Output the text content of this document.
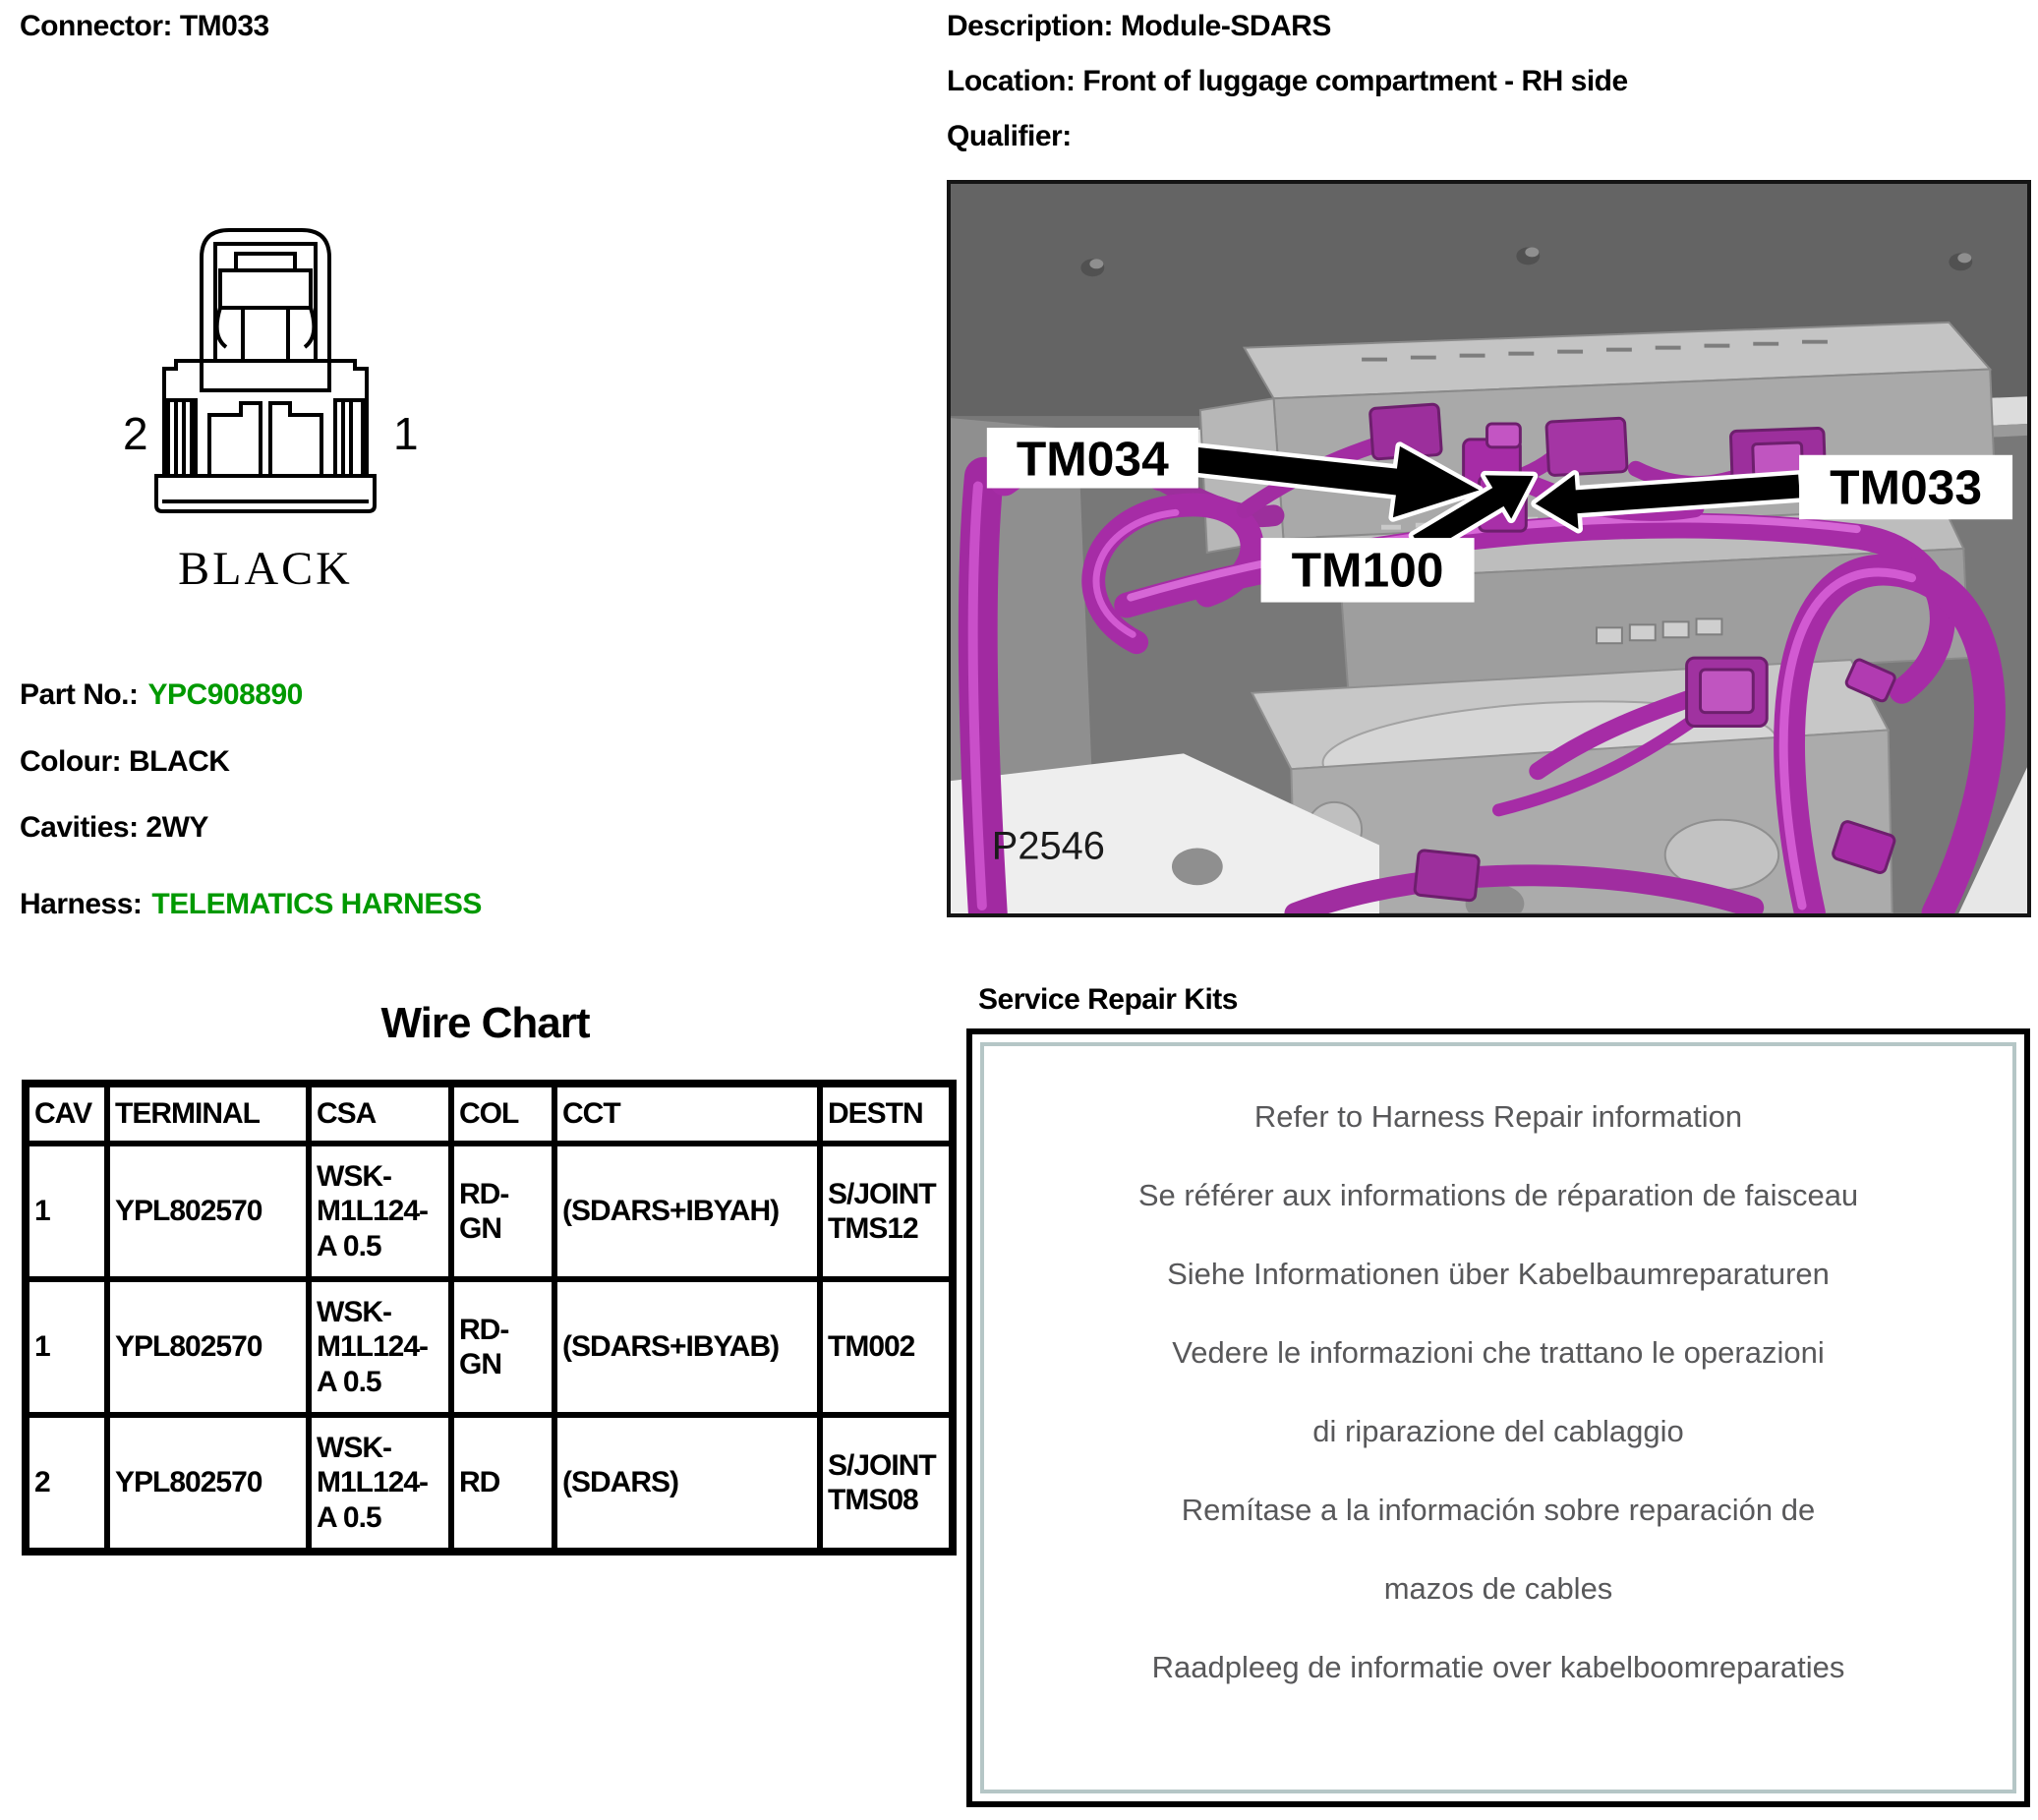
Connector: TM033	Description: Module-SDARS
Location: Front of luggage compartment - RH side
Qualifier:
2	1
BLACK
Part No.: YPC908890
Colour: BLACK
Cavities: 2WY
Harness: TELEMATICS HARNESS
TM034
TM033
TM100
P2546
Wire Chart
CAV	TERMINAL	CSA	COL	CCT	DESTN
1	YPL802570	WSK-M1L124-A 0.5	RD-GN	(SDARS+IBYAH)	S/JOINT TMS12
1	YPL802570	WSK-M1L124-A 0.5	RD-GN	(SDARS+IBYAB)	TM002
2	YPL802570	WSK-M1L124-A 0.5	RD	(SDARS)	S/JOINT TMS08
Service Repair Kits

Refer to Harness Repair information

Se référer aux informations de réparation de faisceau

Siehe Informationen über Kabelbaumreparaturen

Vedere le informazioni che trattano le operazioni

di riparazione del cablaggio

Remítase a la información sobre reparación de

mazos de cables

Raadpleeg de informatie over kabelboomreparaties
